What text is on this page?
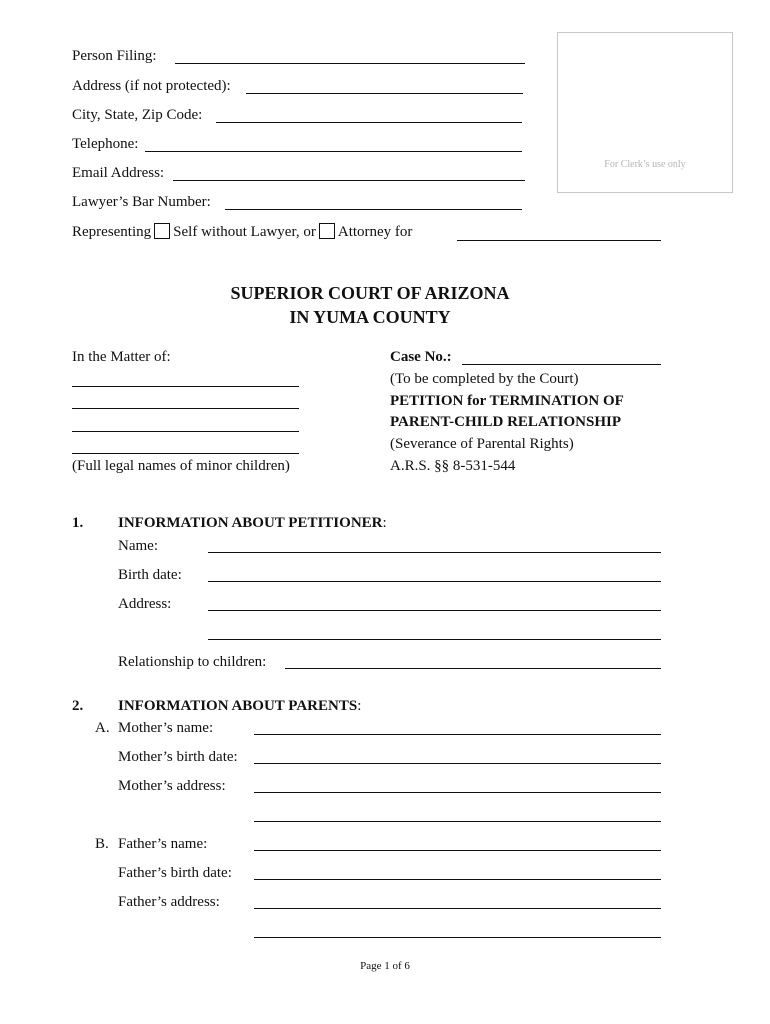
For Clerk’s use only
Person Filing:
Address (if not protected):
City, State, Zip Code:
Telephone:
Email Address:
Lawyer’s Bar Number:
Representing Self without Lawyer, or Attorney for
SUPERIOR COURT OF ARIZONA
IN YUMA COUNTY
In the Matter of:
(Full legal names of minor children)
Case No.:
(To be completed by the Court)
PETITION for TERMINATION OF
PARENT-CHILD RELATIONSHIP
(Severance of Parental Rights)
A.R.S. §§ 8-531-544
1. INFORMATION ABOUT PETITIONER:
Name:
Birth date:
Address:
Relationship to children:
2. INFORMATION ABOUT PARENTS:
A. Mother’s name:
Mother’s birth date:
Mother’s address:
B. Father’s name:
Father’s birth date:
Father’s address:
Page 1 of 6
